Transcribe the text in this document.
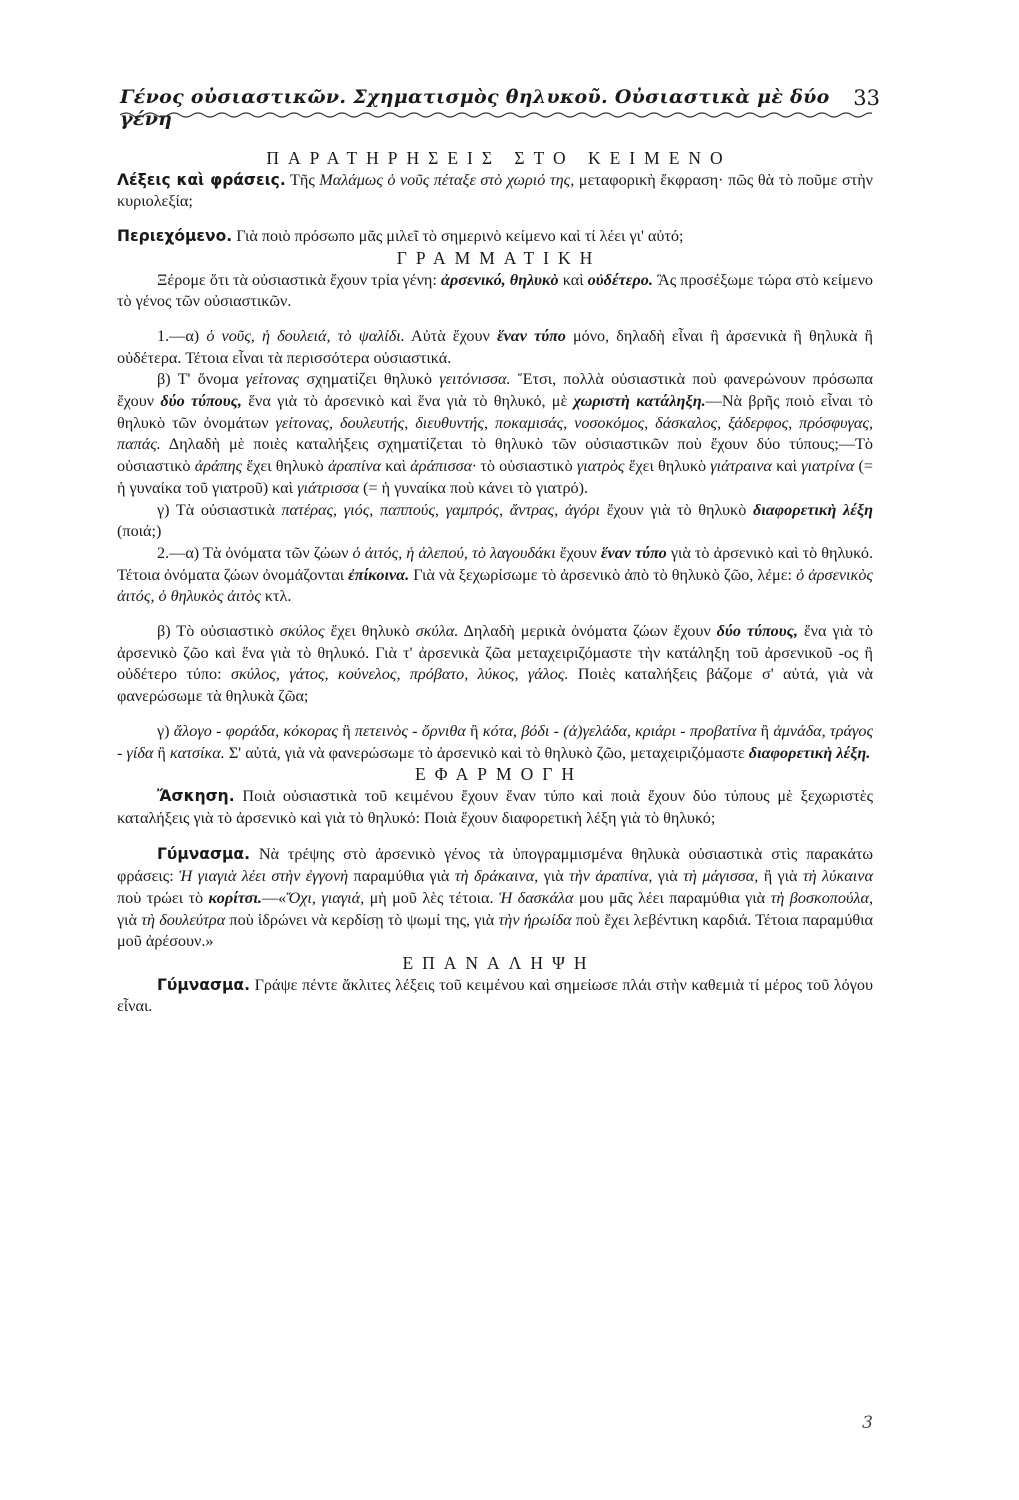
Γένος οὐσιαστικῶν. Σχηματισμὸς θηλυκοῦ. Οὐσιαστικὰ μὲ δύο γένη
33

ΠΑΡΑΤΗΡΗΣΕΙΣ ΣΤΟ ΚΕΙΜΕΝΟ

Λέξεις καὶ φράσεις. Τῆς Μαλάμως ὁ νοῦς πέταξε στὸ χωριό της, μεταφορικὴ ἔκφραση· πῶς θὰ τὸ ποῦμε στὴν κυριολεξία;

Περιεχόμενο. Γιὰ ποιὸ πρόσωπο μᾶς μιλεῖ τὸ σημερινὸ κείμενο καὶ τί λέει γι' αὐτό;

ΓΡΑΜΜΑΤΙΚΗ

Ξέρομε ὅτι τὰ οὐσιαστικὰ ἔχουν τρία γένη: ἀρσενικό, θηλυκὸ καὶ οὐδέτερο. Ἂς προσέξωμε τώρα στὸ κείμενο τὸ γένος τῶν οὐσιαστικῶν.

1.—α) ὁ νοῦς, ἡ δουλειά, τὸ ψαλίδι. Αὐτὰ ἔχουν ἕναν τύπο μόνο, δηλαδὴ εἶναι ἢ ἀρσενικὰ ἢ θηλυκὰ ἢ οὐδέτερα. Τέτοια εἶναι τὰ περισσότερα οὐσιαστικά.

β) Τ' ὄνομα γείτονας σχηματίζει θηλυκὸ γειτόνισσα. Ἔτσι, πολλὰ οὐσιαστικὰ ποὺ φανερώνουν πρόσωπα ἔχουν δύο τύπους, ἕνα γιὰ τὸ ἀρσενικὸ καὶ ἕνα γιὰ τὸ θηλυκό, μὲ χωριστὴ κατάληξη.—Νὰ βρῆς ποιὸ εἶναι τὸ θηλυκὸ τῶν ὀνομάτων γείτονας, δουλευτής, διευθυντής, ποκαμισάς, νοσοκόμος, δάσκαλος, ξάδερφος, πρόσφυγας, παπάς. Δηλαδὴ μὲ ποιὲς καταλήξεις σχηματίζεται τὸ θηλυκὸ τῶν οὐσιαστικῶν ποὺ ἔχουν δύο τύπους;—Τὸ οὐσιαστικὸ ἀράπης ἔχει θηλυκὸ ἀραπίνα καὶ ἀράπισσα· τὸ οὐσιαστικὸ γιατρὸς ἔχει θηλυκὸ γιάτραινα καὶ γιατρίνα (= ἡ γυναίκα τοῦ γιατροῦ) καὶ γιάτρισσα (= ἡ γυναίκα ποὺ κάνει τὸ γιατρό).

γ) Τὰ οὐσιαστικὰ πατέρας, γιός, παππούς, γαμπρός, ἄντρας, ἀγόρι ἔχουν γιὰ τὸ θηλυκὸ διαφορετικὴ λέξη (ποιά;)

2.—α) Τὰ ὀνόματα τῶν ζώων ὁ ἀιτός, ἡ ἀλεπού, τὸ λαγουδάκι ἔχουν ἕναν τύπο γιὰ τὸ ἀρσενικὸ καὶ τὸ θηλυκό. Τέτοια ὀνόματα ζώων ὀνομάζονται ἐπίκοινα. Γιὰ νὰ ξεχωρίσωμε τὸ ἀρσενικὸ ἀπὸ τὸ θηλυκὸ ζῶο, λέμε: ὁ ἀρσενικὸς ἀιτός, ὁ θηλυκὸς ἀιτὸς κτλ.

β) Τὸ οὐσιαστικὸ σκύλος ἔχει θηλυκὸ σκύλα. Δηλαδὴ μερικὰ ὀνόματα ζώων ἔχουν δύο τύπους, ἕνα γιὰ τὸ ἀρσενικὸ ζῶο καὶ ἕνα γιὰ τὸ θηλυκό. Γιὰ τ' ἀρσενικὰ ζῶα μεταχειριζόμαστε τὴν κατάληξη τοῦ ἀρσενικοῦ -ος ἢ οὐδέτερο τύπο: σκύλος, γάτος, κούνελος, πρόβατο, λύκος, γάλος. Ποιὲς καταλήξεις βάζομε σ' αὐτά, γιὰ νὰ φανερώσωμε τὰ θηλυκὰ ζῶα;

γ) ἄλογο - φοράδα, κόκορας ἢ πετεινὸς - ὄρνιθα ἢ κότα, βόδι - (ἀ)γελάδα, κριάρι - προβατίνα ἢ ἀμνάδα, τράγος - γίδα ἢ κατσίκα. Σ' αὐτά, γιὰ νὰ φανερώσωμε τὸ ἀρσενικὸ καὶ τὸ θηλυκὸ ζῶο, μεταχειριζόμαστε διαφορετικὴ λέξη.

ΕΦΑΡΜΟΓΗ

Ἄσκηση. Ποιὰ οὐσιαστικὰ τοῦ κειμένου ἔχουν ἕναν τύπο καὶ ποιὰ ἔχουν δύο τύπους μὲ ξεχωριστὲς καταλήξεις γιὰ τὸ ἀρσενικὸ καὶ γιὰ τὸ θηλυκό: Ποιὰ ἔχουν διαφορετικὴ λέξη γιὰ τὸ θηλυκό;

Γύμνασμα. Νὰ τρέψης στὸ ἀρσενικὸ γένος τὰ ὑπογραμμισμένα θηλυκὰ οὐσιαστικὰ στὶς παρακάτω φράσεις: Ἡ γιαγιὰ λέει στὴν ἐγγονὴ παραμύθια γιὰ τὴ δράκαινα, γιὰ τὴν ἀραπίνα, γιὰ τὴ μάγισσα, ἢ γιὰ τὴ λύκαινα ποὺ τρώει τὸ κορίτσι.—«Ὄχι, γιαγιά, μὴ μοῦ λὲς τέτοια. Ἡ δασκάλα μου μᾶς λέει παραμύθια γιὰ τὴ βοσκοπούλα, γιὰ τὴ δουλεύτρα ποὺ ἱδρώνει νὰ κερδίσῃ τὸ ψωμί της, γιὰ τὴν ἡρωίδα ποὺ ἔχει λεβέντικη καρδιά. Τέτοια παραμύθια μοῦ ἀρέσουν.»

ΕΠΑΝΑΛΗΨΗ

Γύμνασμα. Γράψε πέντε ἄκλιτες λέξεις τοῦ κειμένου καὶ σημείωσε πλάι στὴν καθεμιὰ τί μέρος τοῦ λόγου εἶναι.

3
